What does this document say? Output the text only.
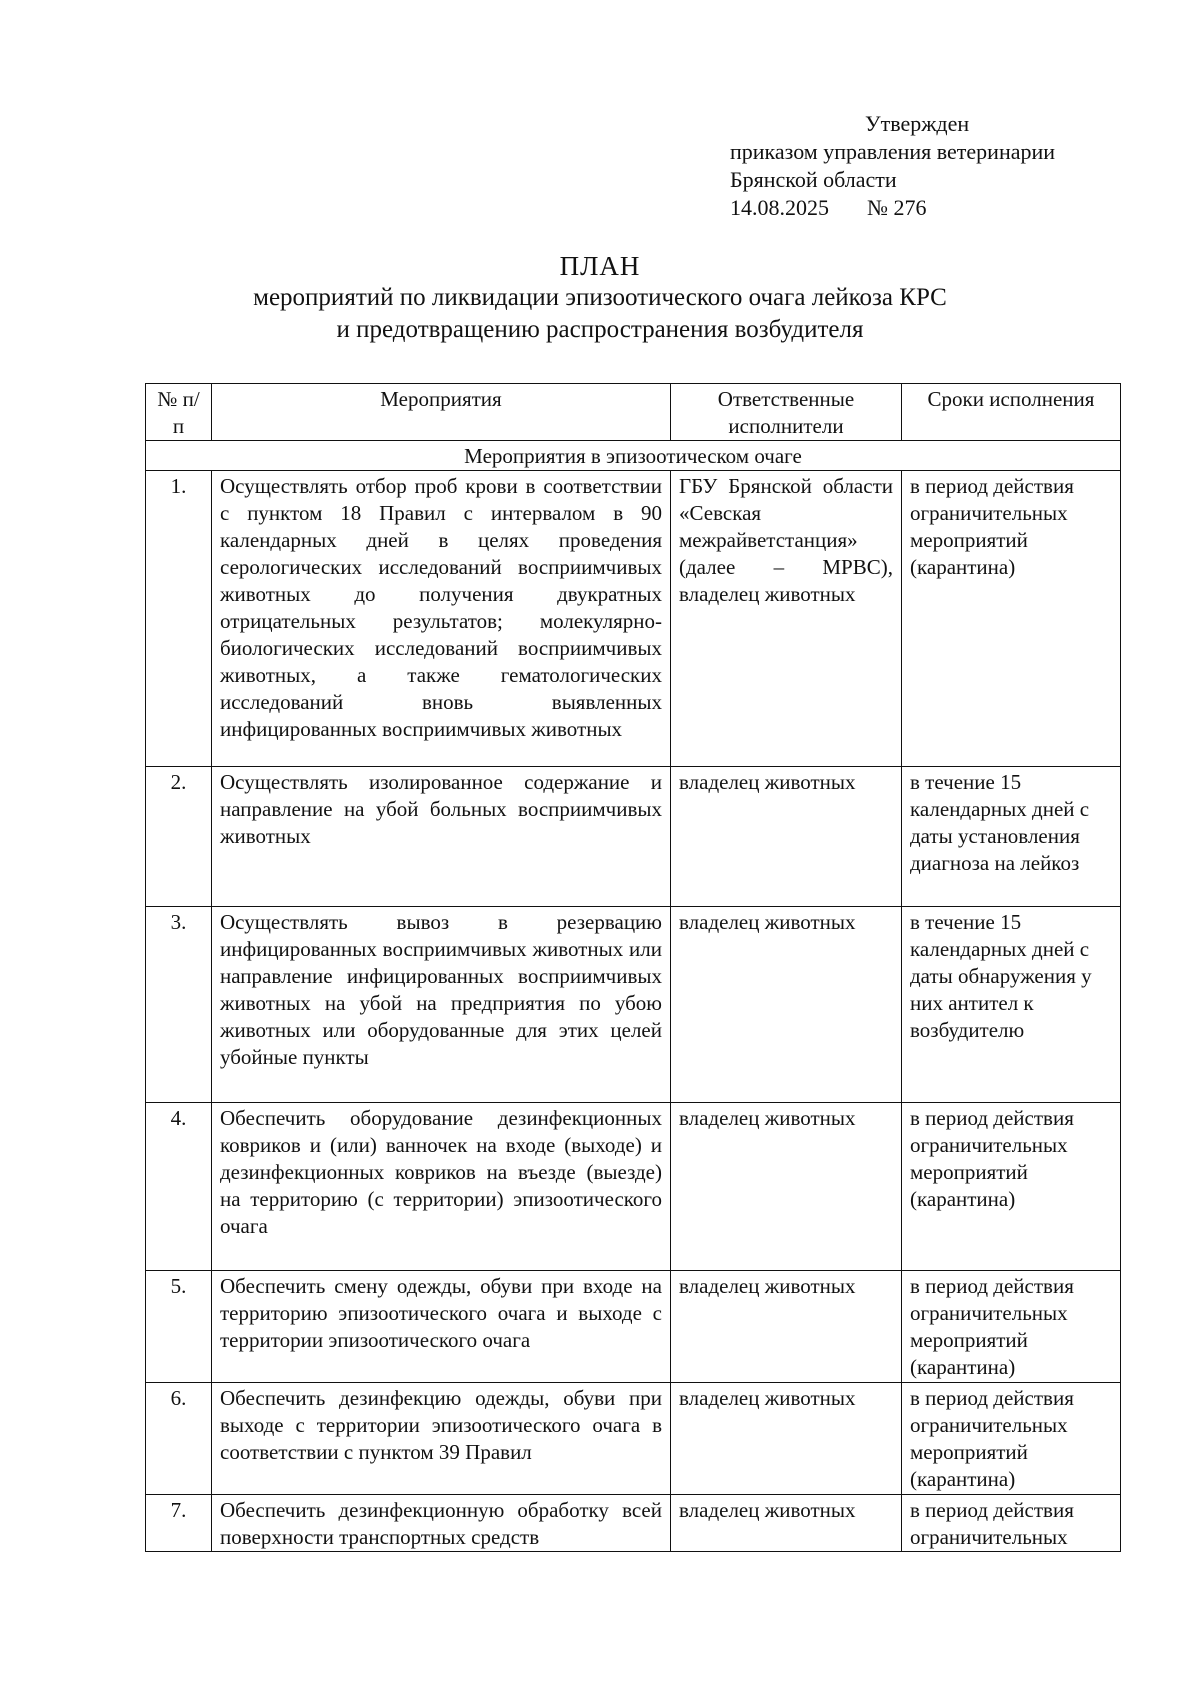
Утвержден
приказом управления ветеринарии
Брянской области
14.08.2025 № 276
ПЛАН
мероприятий по ликвидации эпизоотического очага лейкоза КРС
и предотвращению распространения возбудителя
№ п/п	Мероприятия	Ответственные исполнители	Сроки исполнения
Мероприятия в эпизоотическом очаге			
1.	Осуществлять отбор проб крови в соответствии с пунктом 18 Правил с интервалом в 90 календарных дней в целях проведения серологических исследований восприимчивых животных до получения двукратных отрицательных результатов; молекулярно-биологических исследований восприимчивых животных, а также гематологических исследований вновь выявленных инфицированных восприимчивых животных	ГБУ Брянской области «Севская межрайветстанция» (далее – МРВС), владелец животных	в период действия ограничительных мероприятий (карантина)
2.	Осуществлять изолированное содержание и направление на убой больных восприимчивых животных	владелец животных	в течение 15 календарных дней с даты установления диагноза на лейкоз
3.	Осуществлять вывоз в резервацию инфицированных восприимчивых животных или направление инфицированных восприимчивых животных на убой на предприятия по убою животных или оборудованные для этих целей убойные пункты	владелец животных	в течение 15 календарных дней с даты обнаружения у них антител к возбудителю
4.	Обеспечить оборудование дезинфекционных ковриков и (или) ванночек на входе (выходе) и дезинфекционных ковриков на въезде (выезде) на территорию (с территории) эпизоотического очага	владелец животных	в период действия ограничительных мероприятий (карантина)
5.	Обеспечить смену одежды, обуви при входе на территорию эпизоотического очага и выходе с территории эпизоотического очага	владелец животных	в период действия ограничительных мероприятий (карантина)
6.	Обеспечить дезинфекцию одежды, обуви при выходе с территории эпизоотического очага в соответствии с пунктом 39 Правил	владелец животных	в период действия ограничительных мероприятий (карантина)
7.	Обеспечить дезинфекционную обработку всей поверхности транспортных средств	владелец животных	в период действия ограничительных
